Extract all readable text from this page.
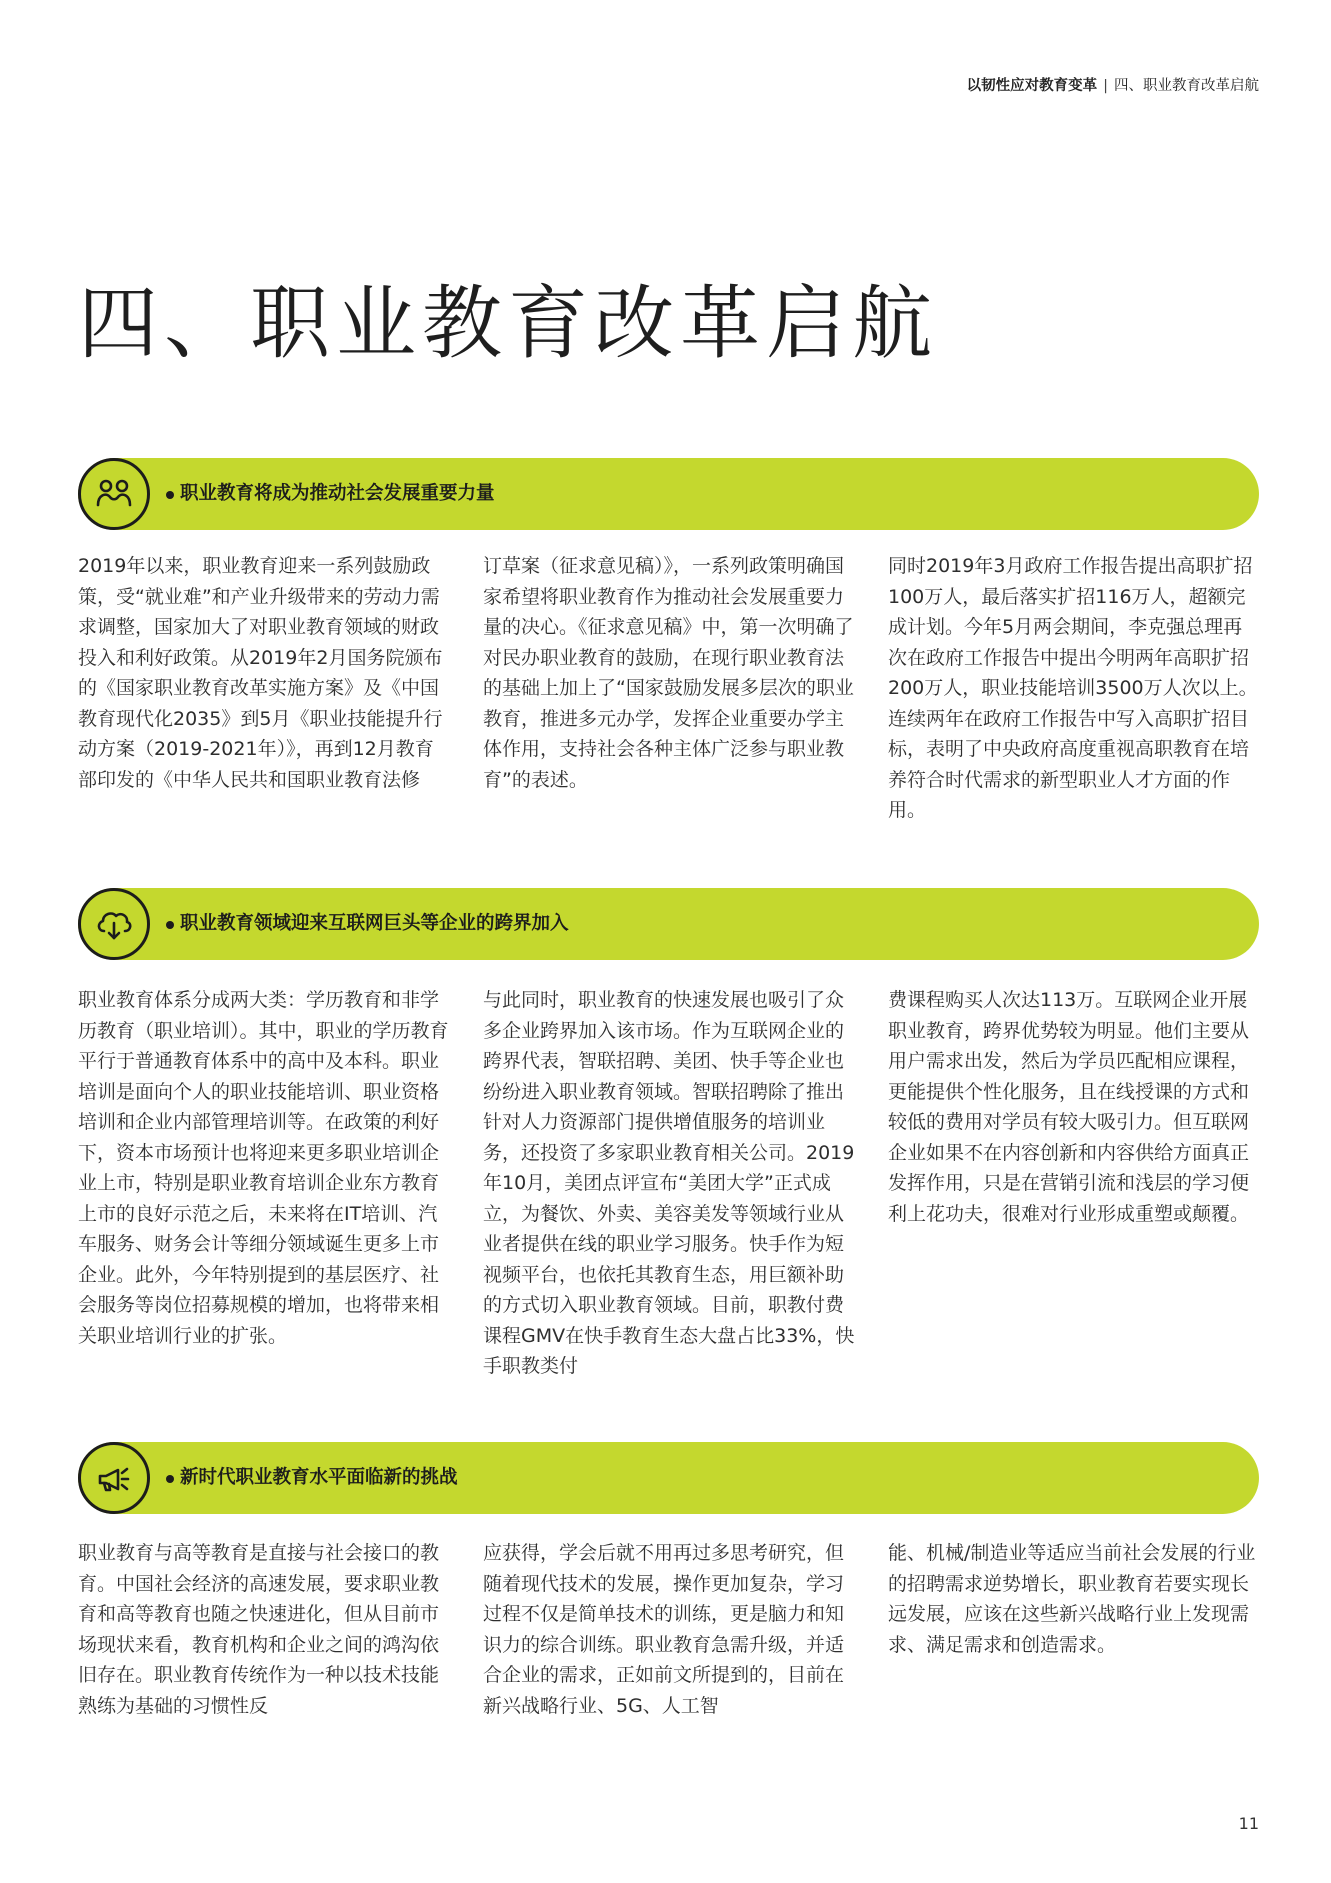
以韧性应对教育变革 | 四、职业教育改革启航
四、职业教育改革启航
职业教育将成为推动社会发展重要力量

2019年以来，职业教育迎来一系列鼓励政策，受“就业难”和产业升级带来的劳动力需求调整，国家加大了对职业教育领域的财政投入和利好政策。从2019年2月国务院颁布的《国家职业教育改革实施方案》及《中国教育现代化2035》到5月《职业技能提升行动方案（2019-2021年）》，再到12月教育部印发的《中华人民共和国职业教育法修

订草案（征求意见稿）》，一系列政策明确国家希望将职业教育作为推动社会发展重要力量的决心。《征求意见稿》中，第一次明确了对民办职业教育的鼓励，在现行职业教育法的基础上加上了“国家鼓励发展多层次的职业教育，推进多元办学，发挥企业重要办学主体作用，支持社会各种主体广泛参与职业教育”的表述。

同时2019年3月政府工作报告提出高职扩招100万人，最后落实扩招116万人，超额完成计划。今年5月两会期间，李克强总理再次在政府工作报告中提出今明两年高职扩招200万人，职业技能培训3500万人次以上。连续两年在政府工作报告中写入高职扩招目标，表明了中央政府高度重视高职教育在培养符合时代需求的新型职业人才方面的作用。

职业教育领域迎来互联网巨头等企业的跨界加入

职业教育体系分成两大类：学历教育和非学历教育（职业培训）。其中，职业的学历教育平行于普通教育体系中的高中及本科。职业培训是面向个人的职业技能培训、职业资格培训和企业内部管理培训等。在政策的利好下，资本市场预计也将迎来更多职业培训企业上市，特别是职业教育培训企业东方教育上市的良好示范之后，未来将在IT培训、汽车服务、财务会计等细分领域诞生更多上市企业。此外，今年特别提到的基层医疗、社会服务等岗位招募规模的增加，也将带来相关职业培训行业的扩张。

与此同时，职业教育的快速发展也吸引了众多企业跨界加入该市场。作为互联网企业的跨界代表，智联招聘、美团、快手等企业也纷纷进入职业教育领域。智联招聘除了推出针对人力资源部门提供增值服务的培训业务，还投资了多家职业教育相关公司。2019年10月，美团点评宣布“美团大学”正式成立，为餐饮、外卖、美容美发等领域行业从业者提供在线的职业学习服务。快手作为短视频平台，也依托其教育生态，用巨额补助的方式切入职业教育领域。目前，职教付费课程GMV在快手教育生态大盘占比33%，快手职教类付

费课程购买人次达113万。互联网企业开展职业教育，跨界优势较为明显。他们主要从用户需求出发，然后为学员匹配相应课程，更能提供个性化服务，且在线授课的方式和较低的费用对学员有较大吸引力。但互联网企业如果不在内容创新和内容供给方面真正发挥作用，只是在营销引流和浅层的学习便利上花功夫，很难对行业形成重塑或颠覆。

新时代职业教育水平面临新的挑战

职业教育与高等教育是直接与社会接口的教育。中国社会经济的高速发展，要求职业教育和高等教育也随之快速进化，但从目前市场现状来看，教育机构和企业之间的鸿沟依旧存在。职业教育传统作为一种以技术技能熟练为基础的习惯性反

应获得，学会后就不用再过多思考研究，但随着现代技术的发展，操作更加复杂，学习过程不仅是简单技术的训练，更是脑力和知识力的综合训练。职业教育急需升级，并适合企业的需求，正如前文所提到的，目前在新兴战略行业、5G、人工智

能、机械/制造业等适应当前社会发展的行业的招聘需求逆势增长，职业教育若要实现长远发展，应该在这些新兴战略行业上发现需求、满足需求和创造需求。

11
